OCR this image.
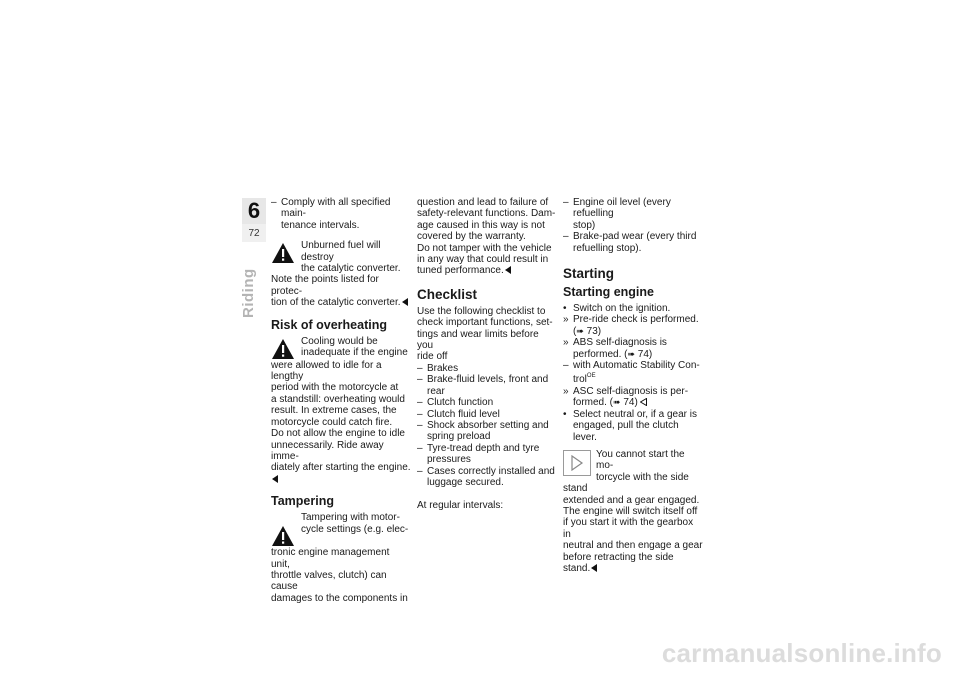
6
72
Riding
– Comply with all specified main-
tenance intervals.
Unburned fuel will destroy
the catalytic converter.
Note the points listed for protec-
tion of the catalytic converter.
Risk of overheating
Cooling would be
inadequate if the engine
were allowed to idle for a lengthy
period with the motorcycle at
a standstill: overheating would
result. In extreme cases, the
motorcycle could catch fire.
Do not allow the engine to idle
unnecessarily. Ride away imme-
diately after starting the engine.
Tampering
Tampering with motor-
cycle settings (e.g. elec-
tronic engine management unit,
throttle valves, clutch) can cause
damages to the components in
question and lead to failure of
safety-relevant functions. Dam-
age caused in this way is not
covered by the warranty.
Do not tamper with the vehicle
in any way that could result in
tuned performance.
Checklist
Use the following checklist to
check important functions, set-
tings and wear limits before you
ride off
– Brakes
– Brake-fluid levels, front and rear
– Clutch function
– Clutch fluid level
– Shock absorber setting and
spring preload
– Tyre-tread depth and tyre
pressures
– Cases correctly installed and
luggage secured.
At regular intervals:
– Engine oil level (every refuelling
stop)
– Brake-pad wear (every third
refuelling stop).
Starting
Starting engine
• Switch on the ignition.
» Pre-ride check is performed.
(➠ 73)
» ABS self-diagnosis is
performed. (➠ 74)
– with Automatic Stability Con-
trol$^{OE}$
» ASC self-diagnosis is per-
formed. (➠ 74)
• Select neutral or, if a gear is
engaged, pull the clutch lever.
You cannot start the mo-
torcycle with the side stand
extended and a gear engaged.
The engine will switch itself off
if you start it with the gearbox in
neutral and then engage a gear
before retracting the side stand.
carmanualsonline.info
